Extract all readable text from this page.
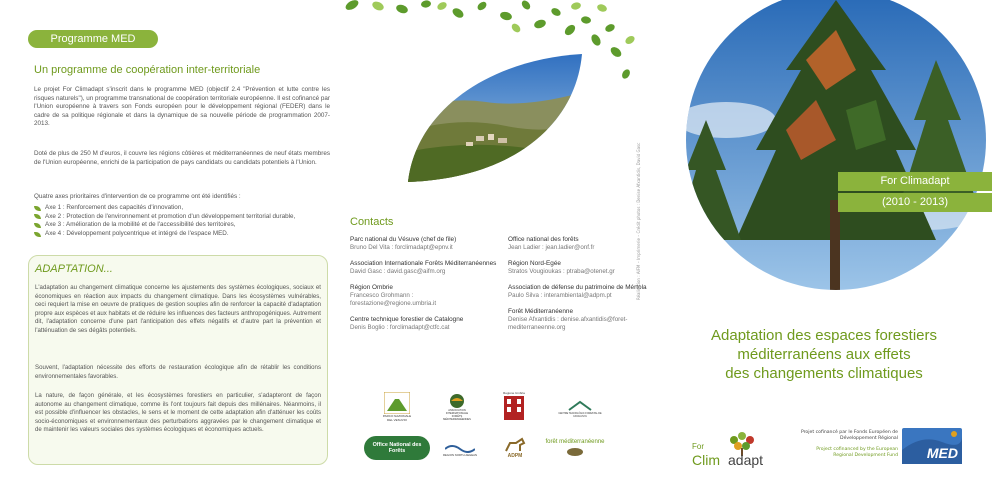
Programme MED
Un programme de coopération inter-territoriale

Le projet For Climadapt s'inscrit dans le programme MED (objectif 2.4 "Prévention et lutte contre les risques naturels"), un programme transnational de coopération territoriale européenne. Il est cofinancé par l'Union européenne à travers son Fonds européen pour le développement régional (FEDER) dans le cadre de sa politique régionale et dans la dynamique de sa nouvelle période de programmation 2007-2013.

Doté de plus de 250 M d'euros, il couvre les régions côtières et méditerranéennes de neuf états membres de l'Union européenne, enrichi de la participation de pays candidats ou candidats potentiels à l'Union.

Quatre axes prioritaires d'intervention de ce programme ont été identifiés :

Axe 1 : Renforcement des capacités d'innovation,
Axe 2 : Protection de l'environnement et promotion d'un développement territorial durable,
Axe 3 : Amélioration de la mobilité et de l'accessibilité des territoires,
Axe 4 : Développement polycentrique et intégré de l'espace MED.
ADAPTATION...

L'adaptation au changement climatique concerne les ajustements des systèmes écologiques, sociaux et économiques en réaction aux impacts du changement climatique. Dans les écosystèmes vulnérables, ceci requiert la mise en oeuvre de pratiques de gestion souples afin de renforcer la capacité d'adaptation propre aux espèces et aux habitats et de réduire les influences des facteurs anthropogéniques. Autrement dit, l'adaptation concerne d'une part l'anticipation des effets négatifs et d'autre part la prévention et l'atténuation de ses dégâts potentiels.

Souvent, l'adaptation nécessite des efforts de restauration écologique afin de rétablir les conditions environnementales favorables.

La nature, de façon générale, et les écosystèmes forestiers en particulier, s'adapteront de façon autonome au changement climatique, comme ils l'ont toujours fait depuis des millénaires. Néanmoins, il est possible d'influencer les obstacles, le sens et le moment de cette adaptation afin d'atténuer les coûts socio-économiques et environnementaux des perturbations aggravées par le changement climatique et de maintenir les valeurs sociales des systèmes écologiques et économiques actuels.

Contacts
Parc national du Vésuve (chef de file)
Bruno Del Vita : forclimadapt@epnv.it
Association Internationale Forêts Méditerranéennes
David Gasc : david.gasc@aifm.org
Région Ombrie
Francesco Grohmann : forestazione@regione.umbria.it
Centre technique forestier de Catalogne
Denis Boglio : forclimadapt@ctfc.cat
Office national des forêts
Jean Ladier : jean.ladier@onf.fr
Région Nord-Egée
Stratos Vougioukas : ptraba@otenet.gr
Association de défense du patrimoine de Mértola
Paulo Silva : interambiental@adpm.pt
Forêt Méditerranéenne
Denise Afxantidis : denise.afxantidis@foret-mediterraneenne.org
Réalisation : AIFM – Imprimerie – Crédit photos : Denise Afxantidis, David Gasc
PARCO NAZIONALE DEL VESUVIO
ASSOCIATION INTERNATIONALE FORÊTS MÉDITERRANÉENNES
Regione Umbria
CENTRE TECNOLÒGIC FORESTAL DE CATALUNYA
Office National des Forêts
REGION NORTH AEGEAN	ADPM
forêt méditerranéenne
For Climadapt
(2010 - 2013)
Adaptation des espaces forestiers
méditerranéens aux effets
des changements climatiques
For
Clim adapt
Projet cofinancé par le Fonds Européen de Développement Régional
Project cofinanced by the European Regional Development Fund MED
